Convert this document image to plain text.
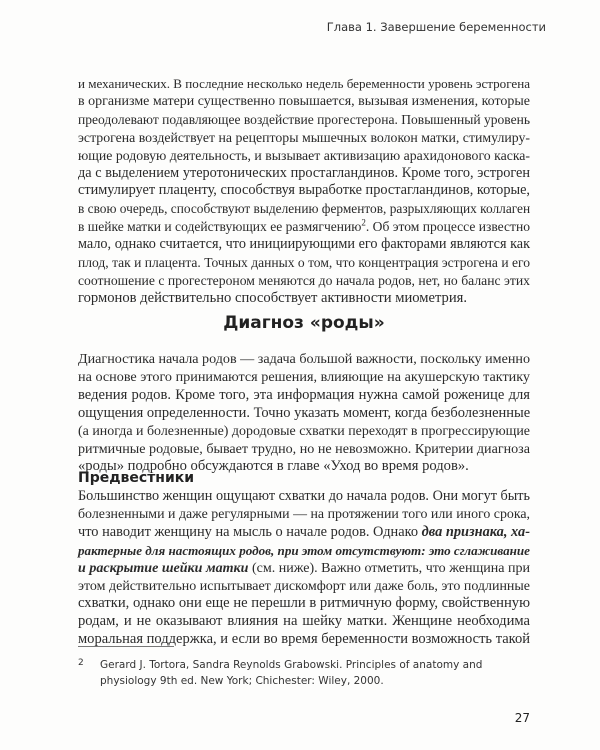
Глава 1. Завершение беременности
и механических. В последние несколько недель беременности уровень эстрогена
в организме матери существенно повышается, вызывая изменения, которые
преодолевают подавляющее воздействие прогестерона. Повышенный уровень
эстрогена воздействует на рецепторы мышечных волокон матки, стимулиру-
ющие родовую деятельность, и вызывает активизацию арахидонового каска-
да с выделением утеротонических простагландинов. Кроме того, эстроген
стимулирует плаценту, способствуя выработке простагландинов, которые,
в свою очередь, способствуют выделению ферментов, разрыхляющих коллаген
в шейке матки и содействующих ее размягчению$^2$. Об этом процессе известно
мало, однако считается, что инициирующими его факторами являются как
плод, так и плацента. Точных данных о том, что концентрация эстрогена и его
соотношение с прогестероном меняются до начала родов, нет, но баланс этих
гормонов действительно способствует активности миометрия.
Диагноз «роды»
Диагностика начала родов — задача большой важности, поскольку именно
на основе этого принимаются решения, влияющие на акушерскую тактику
ведения родов. Кроме того, эта информация нужна самой роженице для
ощущения определенности. Точно указать момент, когда безболезненные
(а иногда и болезненные) дородовые схватки переходят в прогрессирующие
ритмичные родовые, бывает трудно, но не невозможно. Критерии диагноза
«роды» подробно обсуждаются в главе «Уход во время родов».
Предвестники
Большинство женщин ощущают схватки до начала родов. Они могут быть
болезненными и даже регулярными — на протяжении того или иного срока,
что наводит женщину на мысль о начале родов. Однако два признака, ха-
рактерные для настоящих родов, при этом отсутствуют: это сглаживание
и раскрытие шейки матки (см. ниже). Важно отметить, что женщина при
этом действительно испытывает дискомфорт или даже боль, это подлинные
схватки, однако они еще не перешли в ритмичную форму, свойственную
родам, и не оказывают влияния на шейку матки. Женщине необходима
моральная поддержка, и если во время беременности возможность такой
2	Gerard J. Tortora, Sandra Reynolds Grabowski. Principles of anatomy and physiology 9th ed. New York; Chichester: Wiley, 2000.
27
